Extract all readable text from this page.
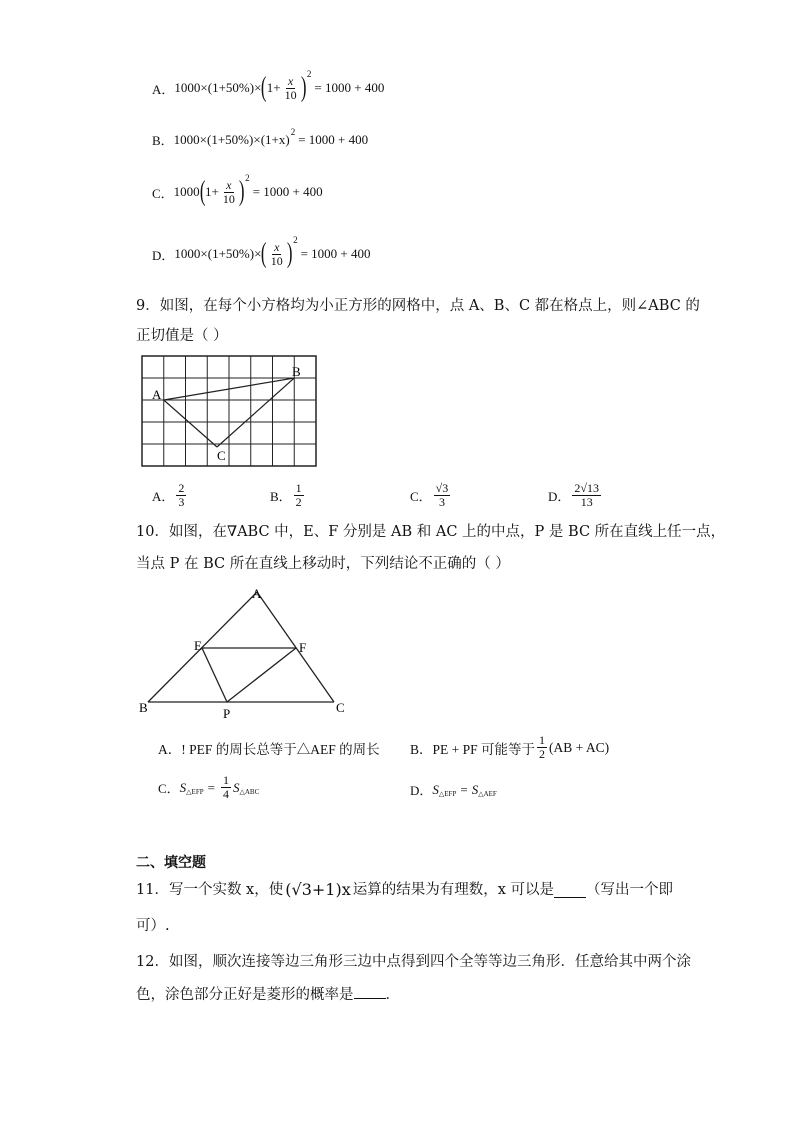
A． 1000× (1+50%) × ( $1+ \frac{x}{10}$ ) 2
= 1000 + 400
B． 1000× (1+50%) × (1+x) 2 = 1000 + 400
C． 1000 ( $1+ \frac{x}{10}$ ) 2
= 1000 + 400
D． 1000× (1+50%) × ( $\frac{x}{10}$ ) 2
= 1000 + 400
9．如图，在每个小方格均为小正方形的网格中，点 A、B、C 都在格点上，则∠ABC 的
正切值是（ ）
A
B
C
A． $\frac{2}{3}$	B． $\frac{1}{2}$	C． $\frac{√3}{3}$	D． $\frac{2√13}{13}$
10．如图，在∇ABC 中，E、F 分别是 AB 和 AC 上的中点，P 是 BC 所在直线上任一点，
当点 P 在 BC 所在直线上移动时，下列结论不正确的（ ）
A
B	C
E	F
P
A．! PEF 的周长总等于△AEF 的周长 B． PE + PF 可能等于 $\frac{1}{2} (AB + AC)$
C． S △EFP = $\frac{1}{4}$ S △ABC	D． S △EFP = S △AEF
二、填空题
11．写一个实数 x，使 (√3+1)x 运算的结果为有理数，x 可以是 （写出一个即
可）.
12．如图，顺次连接等边三角形三边中点得到四个全等等边三角形．任意给其中两个涂
色，涂色部分正好是菱形的概率是 ．
